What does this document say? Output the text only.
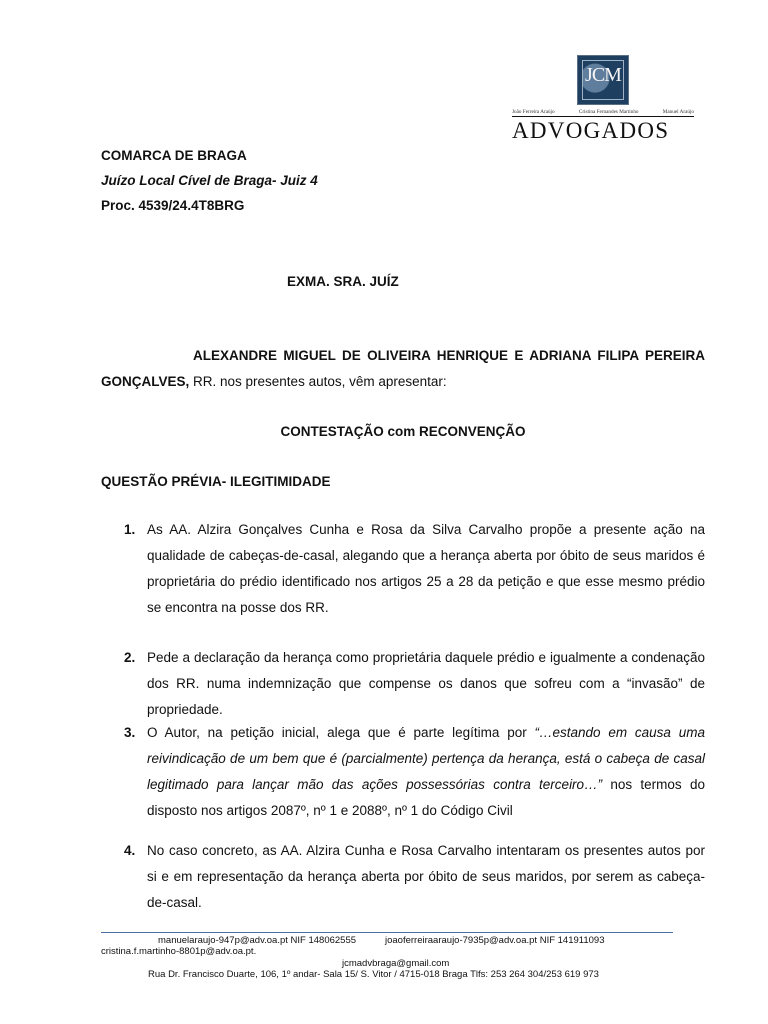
JCM
João Ferreira Araújo	Cristina Fernandes Martinho	Manuel Araújo
ADVOGADOS
COMARCA DE BRAGA
Juízo Local Cível de Braga- Juiz 4
Proc. 4539/24.4T8BRG
EXMA. SRA. JUÍZ
ALEXANDRE MIGUEL DE OLIVEIRA HENRIQUE E ADRIANA FILIPA PEREIRA
GONÇALVES, RR. nos presentes autos, vêm apresentar:
CONTESTAÇÃO com RECONVENÇÃO
QUESTÃO PRÉVIA- ILEGITIMIDADE
1. As AA. Alzira Gonçalves Cunha e Rosa da Silva Carvalho propõe a presente ação na qualidade de cabeças-de-casal, alegando que a herança aberta por óbito de seus maridos é proprietária do prédio identificado nos artigos 25 a 28 da petição e que esse mesmo prédio se encontra na posse dos RR.
2. Pede a declaração da herança como proprietária daquele prédio e igualmente a condenação dos RR. numa indemnização que compense os danos que sofreu com a “invasão” de propriedade.
3. O Autor, na petição inicial, alega que é parte legítima por “…estando em causa uma reivindicação de um bem que é (parcialmente) pertença da herança, está o cabeça de casal legitimado para lançar mão das ações possessórias contra terceiro…” nos termos do disposto nos artigos 2087º, nº 1 e 2088º, nº 1 do Código Civil
4. No caso concreto, as AA. Alzira Cunha e Rosa Carvalho intentaram os presentes autos por si e em representação da herança aberta por óbito de seus maridos, por serem as cabeça-de-casal.
manuelaraujo-947p@adv.oa.pt NIF 148062555	joaoferreiraaraujo-7935p@adv.oa.pt NIF 141911093
cristina.f.martinho-8801p@adv.oa.pt.
jcmadvbraga@gmail.com
Rua Dr. Francisco Duarte, 106, 1º andar- Sala 15/ S. Vitor / 4715-018 Braga Tlfs: 253 264 304/253 619 973
